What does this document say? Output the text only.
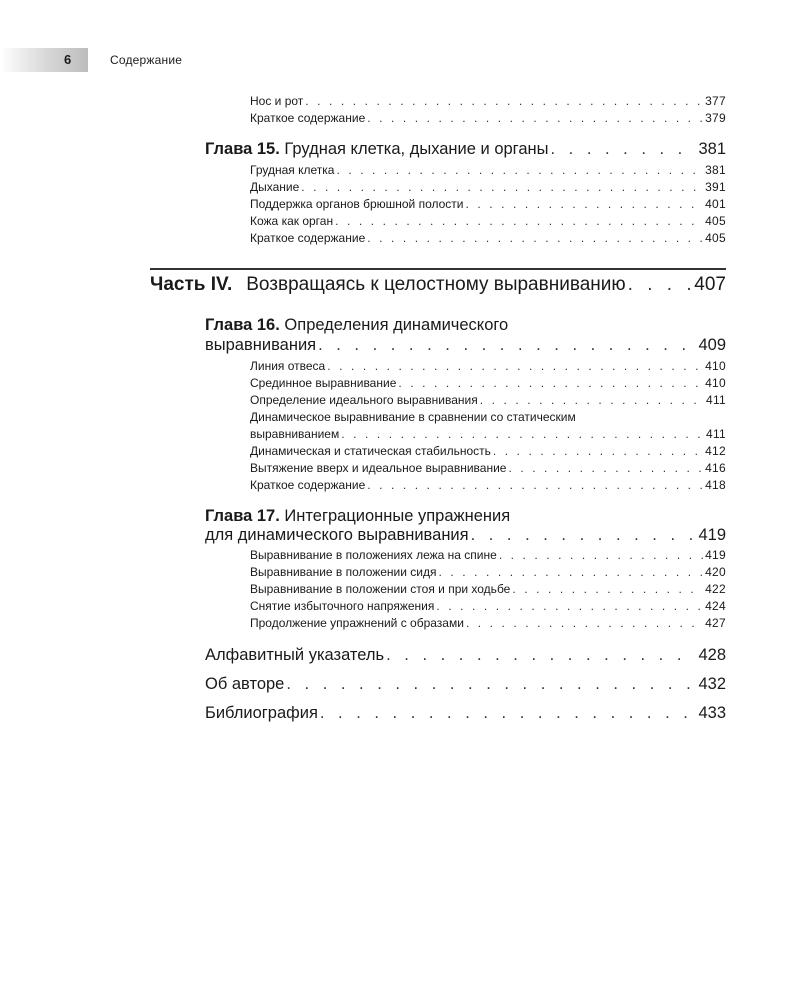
6	Содержание
Нос и рот . . .	377
Краткое содержание . . .	379
Глава 15. Грудная клетка, дыхание и органы . . .	381
Грудная клетка . . .	381
Дыхание . . .	391
Поддержка органов брюшной полости . . .	401
Кожа как орган . . .	405
Краткое содержание . . .	405
Часть IV. Возвращаясь к целостному выравниванию . . .	407
Глава 16. Определения динамического
выравнивания . . .	409
Линия отвеса . . .	410
Срединное выравнивание . . .	410
Определение идеального выравнивания . . .	411
Динамическое выравнивание в сравнении со статическим
выравниванием . . .	411
Динамическая и статическая стабильность . . .	412
Вытяжение вверх и идеальное выравнивание . . .	416
Краткое содержание . . .	418
Глава 17. Интеграционные упражнения
для динамического выравнивания . . .	419
Выравнивание в положениях лежа на спине . . .	419
Выравнивание в положении сидя . . .	420
Выравнивание в положении стоя и при ходьбе . . .	422
Снятие избыточного напряжения . . .	424
Продолжение упражнений с образами . . .	427
Алфавитный указатель . . .	428
Об авторе . . .	432
Библиография . . .	433
